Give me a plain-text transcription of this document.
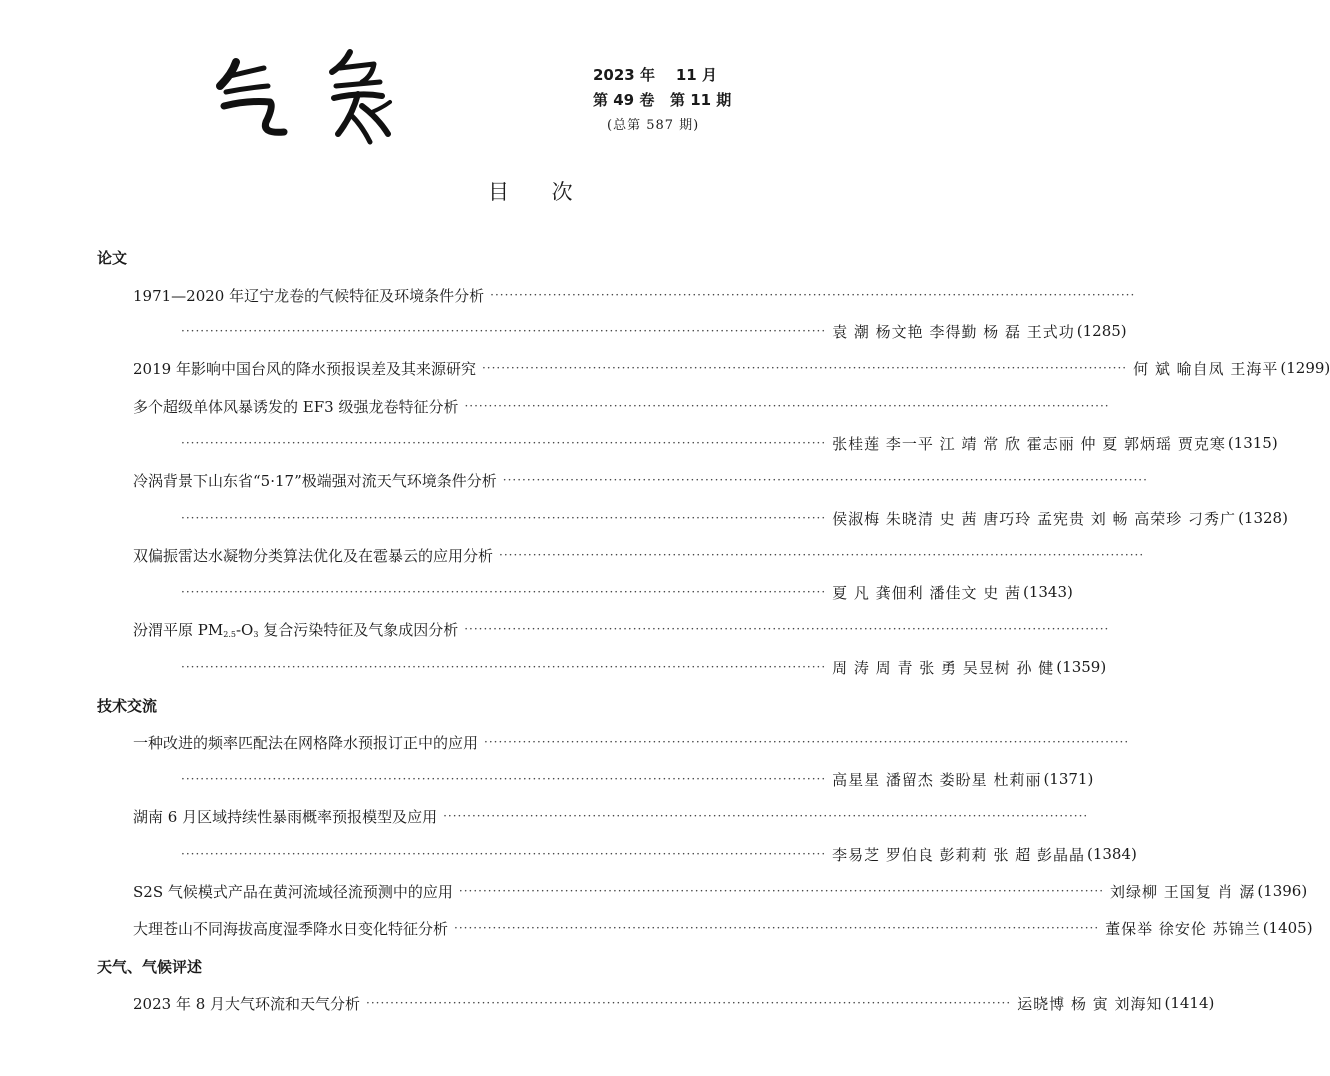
2023 年    11 月
第 49 卷   第 11 期
(总第 587 期)
目 次
论文
1971—2020 年辽宁龙卷的气候特征及环境条件分析 ······································································································································
······································································································································ 袁 潮 杨文艳 李得勤 杨 磊 王式功 (1285)
2019 年影响中国台风的降水预报误差及其来源研究 ······································································································································ 何 斌 喻自凤 王海平 (1299)
多个超级单体风暴诱发的 EF3 级强龙卷特征分析 ······································································································································
······································································································································ 张桂莲 李一平 江 靖 常 欣 霍志丽 仲 夏 郭炳瑶 贾克寒 (1315)
冷涡背景下山东省“5·17”极端强对流天气环境条件分析 ······································································································································
······································································································································ 侯淑梅 朱晓清 史 茜 唐巧玲 孟宪贵 刘 畅 高荣珍 刁秀广 (1328)
双偏振雷达水凝物分类算法优化及在雹暴云的应用分析 ······································································································································
······································································································································ 夏 凡 龚佃利 潘佳文 史 茜 (1343)
汾渭平原 $PM_{2.5}-O_3$ 复合污染特征及气象成因分析 ······································································································································
······································································································································ 周 涛 周 青 张 勇 吴昱树 孙 健 (1359)
技术交流
一种改进的频率匹配法在网格降水预报订正中的应用 ······································································································································
······································································································································ 高星星 潘留杰 娄盼星 杜莉丽 (1371)
湖南 6 月区域持续性暴雨概率预报模型及应用 ······································································································································
······································································································································ 李易芝 罗伯良 彭莉莉 张 超 彭晶晶 (1384)
S2S 气候模式产品在黄河流域径流预测中的应用 ······································································································································ 刘绿柳 王国复 肖 潺 (1396)
大理苍山不同海拔高度湿季降水日变化特征分析 ······································································································································ 董保举 徐安伦 苏锦兰 (1405)
天气、气候评述
2023 年 8 月大气环流和天气分析 ······································································································································ 运晓博 杨 寅 刘海知 (1414)
